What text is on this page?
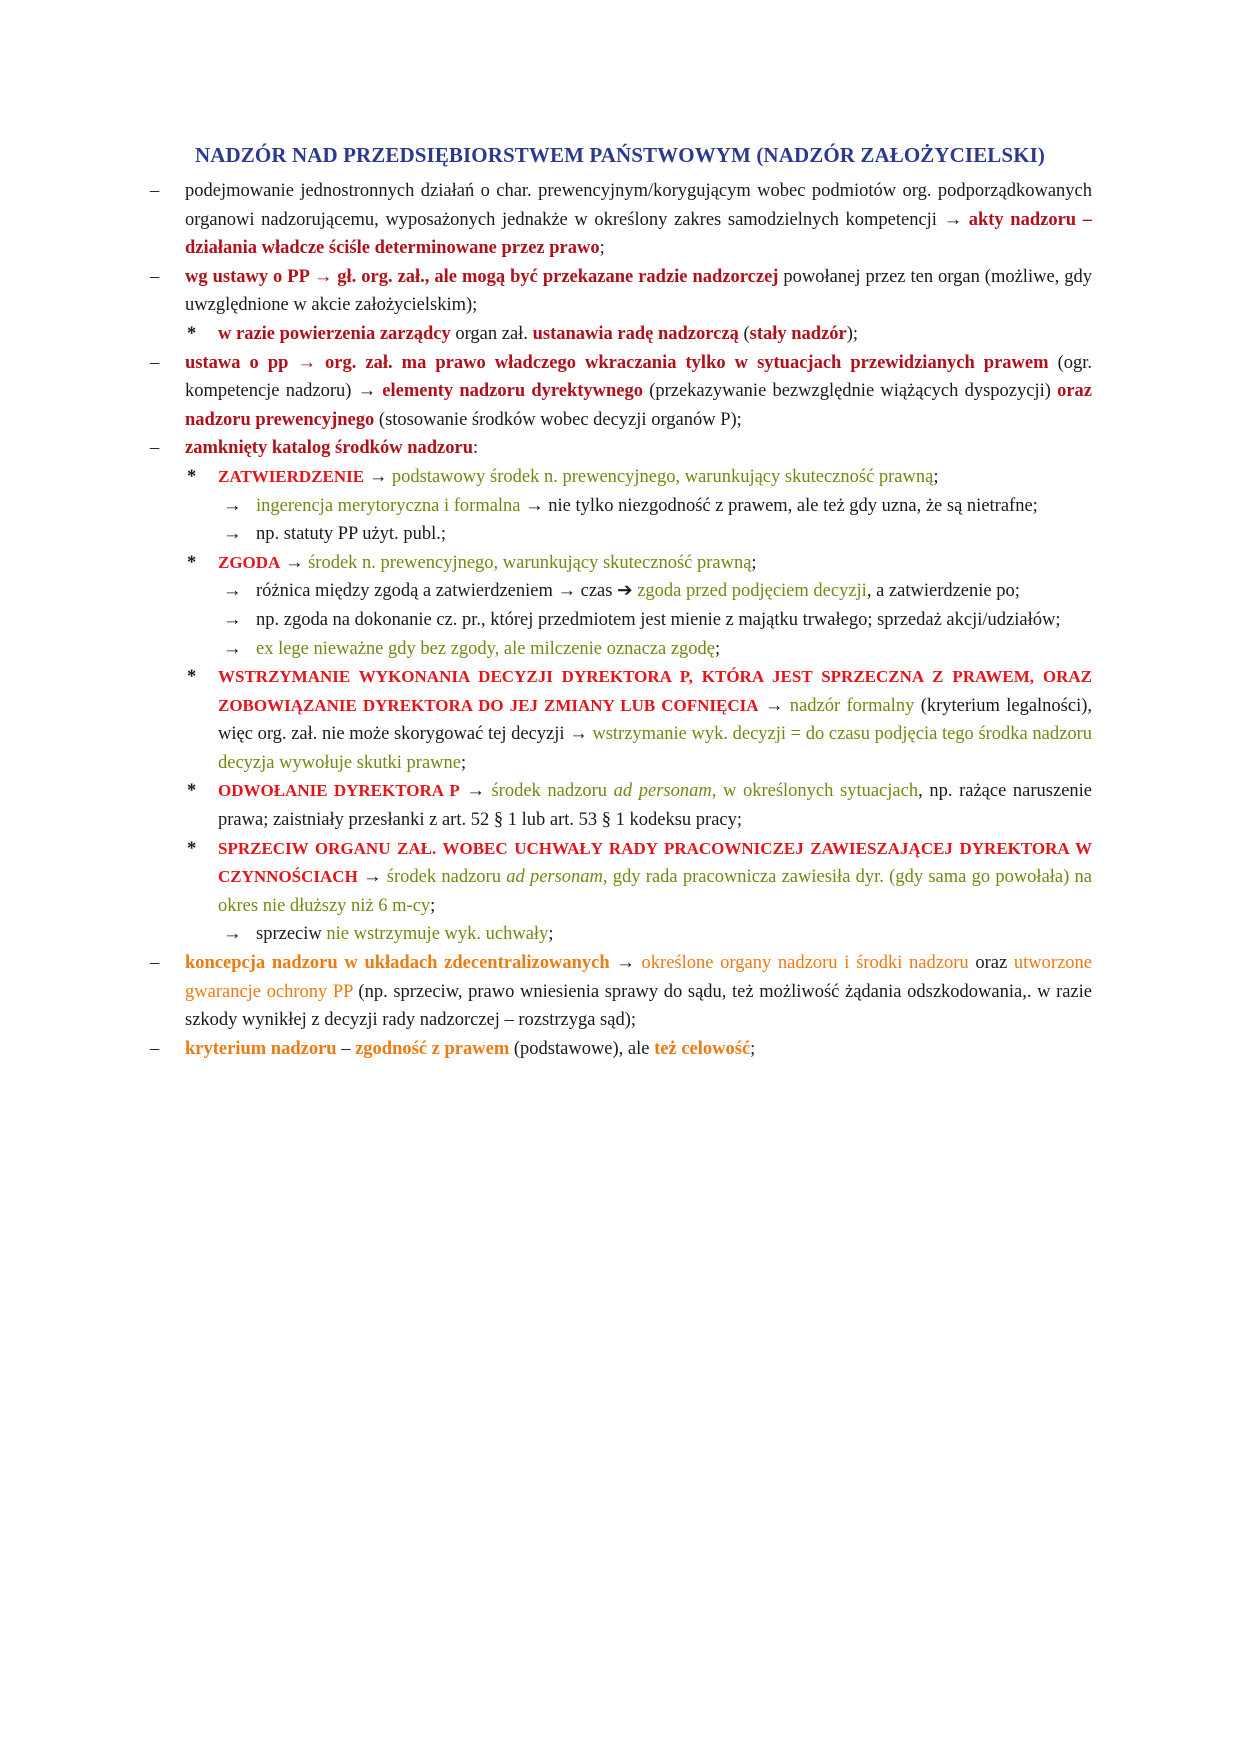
NADZÓR NAD PRZEDSIĘBIORSTWEM PAŃSTWOWYM (NADZÓR ZAŁOŻYCIELSKI)
–	podejmowanie jednostronnych działań o char. prewencyjnym/korygującym wobec podmiotów org. podporządkowanych organowi nadzorującemu, wyposażonych jednakże w określony zakres samodzielnych kompetencji → akty nadzoru – działania władcze ściśle determinowane przez prawo;
–	wg ustawy o PP → gł. org. zał., ale mogą być przekazane radzie nadzorczej powołanej przez ten organ (możliwe, gdy uwzględnione w akcie założycielskim);
* w razie powierzenia zarządcy organ zał. ustanawia radę nadzorczą (stały nadzór);
–	ustawa o pp → org. zał. ma prawo władczego wkraczania tylko w sytuacjach przewidzianych prawem (ogr. kompetencje nadzoru) → elementy nadzoru dyrektywnego (przekazywanie bezwzględnie wiążących dyspozycji) oraz nadzoru prewencyjnego (stosowanie środków wobec decyzji organów P);
–	zamknięty katalog środków nadzoru:
* ZATWIERDZENIE → podstawowy środek n. prewencyjnego, warunkujący skuteczność prawną;
→ ingerencja merytoryczna i formalna → nie tylko niezgodność z prawem, ale też gdy uzna, że są nietrafne;
→ np. statuty PP użyt. publ.;
* ZGODA → środek n. prewencyjnego, warunkujący skuteczność prawną;
→ różnica między zgodą a zatwierdzeniem → czas ➔ zgoda przed podjęciem decyzji, a zatwierdzenie po;
→ np. zgoda na dokonanie cz. pr., której przedmiotem jest mienie z majątku trwałego; sprzedaż akcji/udziałów;
→ ex lege nieważne gdy bez zgody, ale milczenie oznacza zgodę;
* WSTRZYMANIE WYKONANIA DECYZJI DYREKTORA P, KTÓRA JEST SPRZECZNA Z PRAWEM, ORAZ ZOBOWIĄZANIE DYREKTORA DO JEJ ZMIANY LUB COFNIĘCIA → nadzór formalny (kryterium legalności), więc org. zał. nie może skorygować tej decyzji → wstrzymanie wyk. decyzji = do czasu podjęcia tego środka nadzoru decyzja wywołuje skutki prawne;
* ODWOŁANIE DYREKTORA P → środek nadzoru ad personam, w określonych sytuacjach, np. rażące naruszenie prawa; zaistniały przesłanki z art. 52 § 1 lub art. 53 § 1 kodeksu pracy;
* SPRZECIW ORGANU ZAŁ. WOBEC UCHWAŁY RADY PRACOWNICZEJ ZAWIESZAJĄCEJ DYREKTORA W CZYNNOŚCIACH → środek nadzoru ad personam, gdy rada pracownicza zawiesiła dyr. (gdy sama go powołała) na okres nie dłuższy niż 6 m-cy;
→ sprzeciw nie wstrzymuje wyk. uchwały;
–	koncepcja nadzoru w układach zdecentralizowanych → określone organy nadzoru i środki nadzoru oraz utworzone gwarancje ochrony PP (np. sprzeciw, prawo wniesienia sprawy do sądu, też możliwość żądania odszkodowania,. w razie szkody wynikłej z decyzji rady nadzorczej – rozstrzyga sąd);
–	kryterium nadzoru – zgodność z prawem (podstawowe), ale też celowość;
